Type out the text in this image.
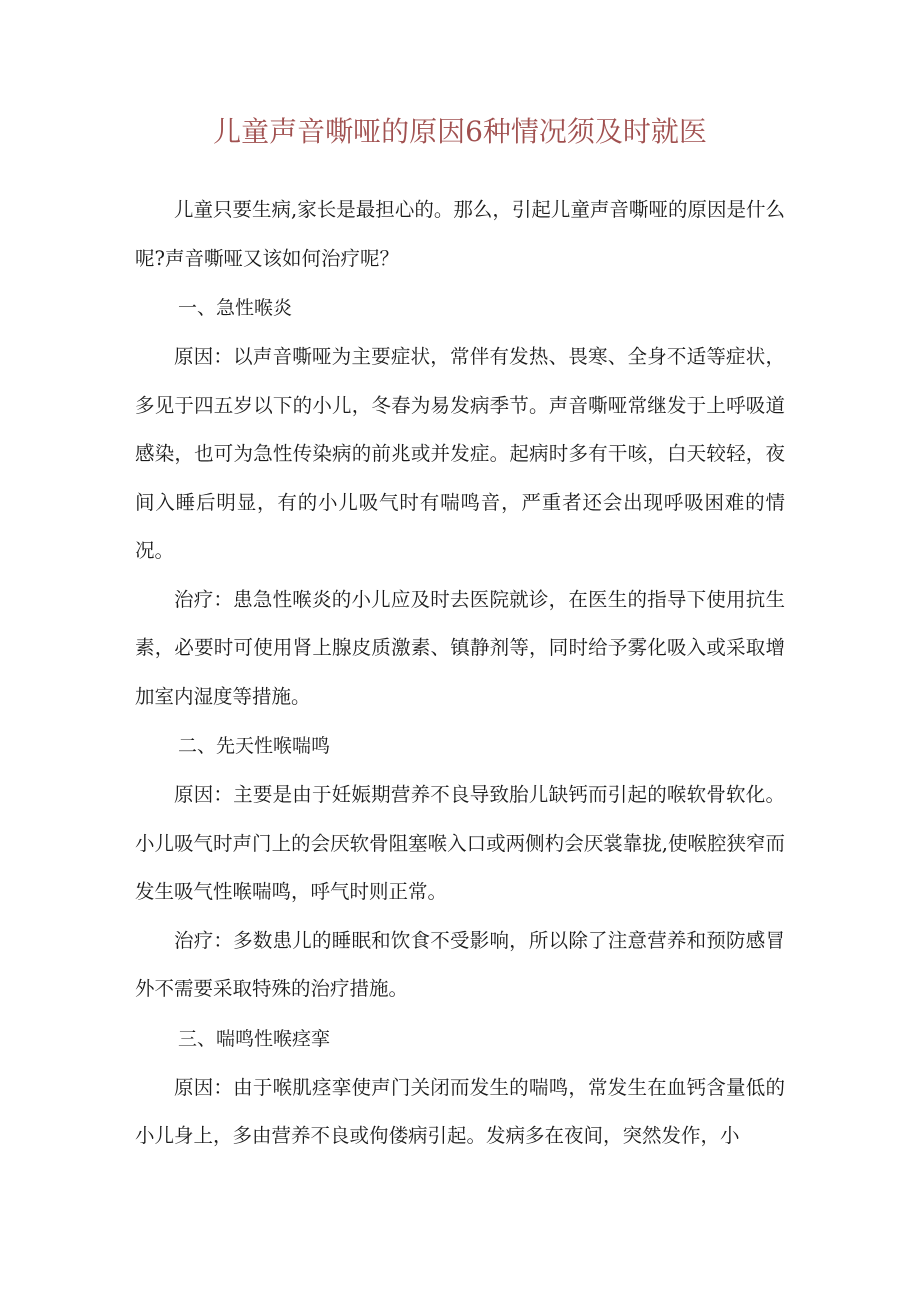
儿童声音嘶哑的原因6种情况须及时就医

儿童只要生病,家长是最担心的。那么，引起儿童声音嘶哑的原因是什么呢?声音嘶哑又该如何治疗呢？

一、急性喉炎

原因：以声音嘶哑为主要症状，常伴有发热、畏寒、全身不适等症状，多见于四五岁以下的小儿，冬春为易发病季节。声音嘶哑常继发于上呼吸道感染，也可为急性传染病的前兆或并发症。起病时多有干咳，白天较轻，夜间入睡后明显，有的小儿吸气时有喘鸣音，严重者还会出现呼吸困难的情况。

治疗：患急性喉炎的小儿应及时去医院就诊，在医生的指导下使用抗生素，必要时可使用肾上腺皮质激素、镇静剂等，同时给予雾化吸入或采取增加室内湿度等措施。

二、先天性喉喘鸣

原因：主要是由于妊娠期营养不良导致胎儿缺钙而引起的喉软骨软化。小儿吸气时声门上的会厌软骨阻塞喉入口或两侧杓会厌裳靠拢,使喉腔狭窄而发生吸气性喉喘鸣，呼气时则正常。

治疗：多数患儿的睡眠和饮食不受影响，所以除了注意营养和预防感冒外不需要采取特殊的治疗措施。

三、喘鸣性喉痉挛

原因：由于喉肌痉挛使声门关闭而发生的喘鸣，常发生在血钙含量低的小儿身上，多由营养不良或佝偻病引起。发病多在夜间，突然发作，小
